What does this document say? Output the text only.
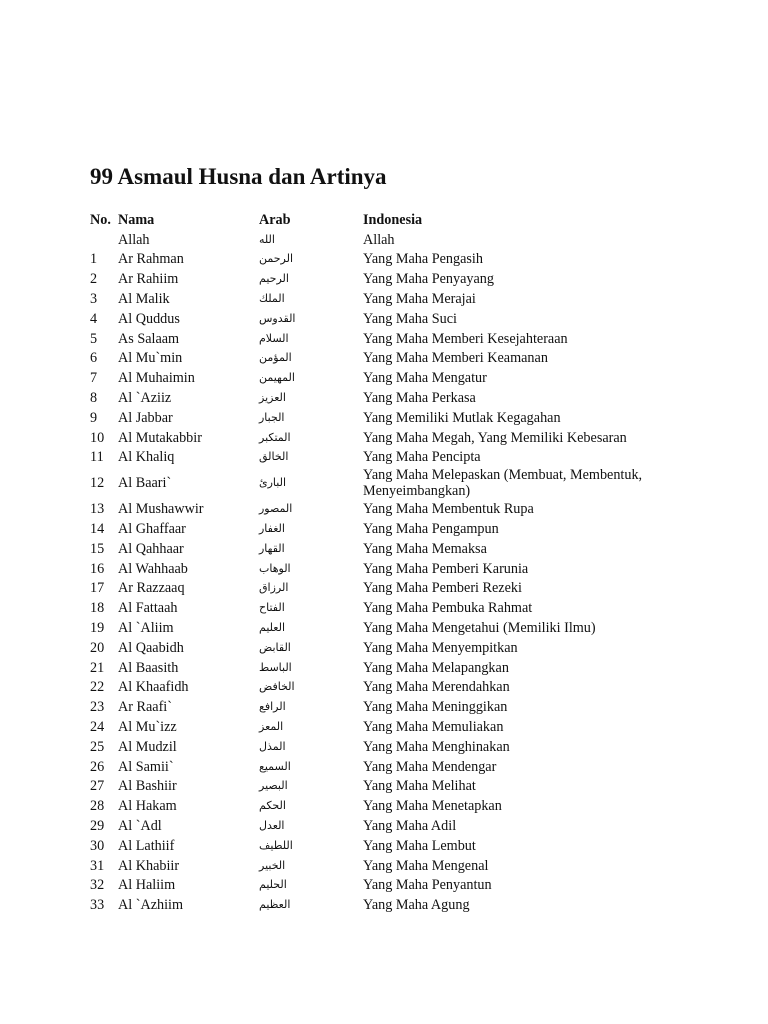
99 Asmaul Husna dan Artinya
No.	Nama	Arab	Indonesia
	Allah	الله	Allah
1	Ar Rahman	الرحمن	Yang Maha Pengasih
2	Ar Rahiim	الرحيم	Yang Maha Penyayang
3	Al Malik	الملك	Yang Maha Merajai
4	Al Quddus	القدوس	Yang Maha Suci
5	As Salaam	السلام	Yang Maha Memberi Kesejahteraan
6	Al Mu`min	المؤمن	Yang Maha Memberi Keamanan
7	Al Muhaimin	المهيمن	Yang Maha Mengatur
8	Al `Aziiz	العزيز	Yang Maha Perkasa
9	Al Jabbar	الجبار	Yang Memiliki Mutlak Kegagahan
10	Al Mutakabbir	المتكبر	Yang Maha Megah, Yang Memiliki Kebesaran
11	Al Khaliq	الخالق	Yang Maha Pencipta
12	Al Baari`	البارئ	Yang Maha Melepaskan (Membuat, Membentuk, Menyeimbangkan)
13	Al Mushawwir	المصور	Yang Maha Membentuk Rupa
14	Al Ghaffaar	الغفار	Yang Maha Pengampun
15	Al Qahhaar	القهار	Yang Maha Memaksa
16	Al Wahhaab	الوهاب	Yang Maha Pemberi Karunia
17	Ar Razzaaq	الرزاق	Yang Maha Pemberi Rezeki
18	Al Fattaah	الفتاح	Yang Maha Pembuka Rahmat
19	Al `Aliim	العليم	Yang Maha Mengetahui (Memiliki Ilmu)
20	Al Qaabidh	القابض	Yang Maha Menyempitkan
21	Al Baasith	الباسط	Yang Maha Melapangkan
22	Al Khaafidh	الخافض	Yang Maha Merendahkan
23	Ar Raafi`	الرافع	Yang Maha Meninggikan
24	Al Mu`izz	المعز	Yang Maha Memuliakan
25	Al Mudzil	المذل	Yang Maha Menghinakan
26	Al Samii`	السميع	Yang Maha Mendengar
27	Al Bashiir	البصير	Yang Maha Melihat
28	Al Hakam	الحكم	Yang Maha Menetapkan
29	Al `Adl	العدل	Yang Maha Adil
30	Al Lathiif	اللطيف	Yang Maha Lembut
31	Al Khabiir	الخبير	Yang Maha Mengenal
32	Al Haliim	الحليم	Yang Maha Penyantun
33	Al `Azhiim	العظيم	Yang Maha Agung
